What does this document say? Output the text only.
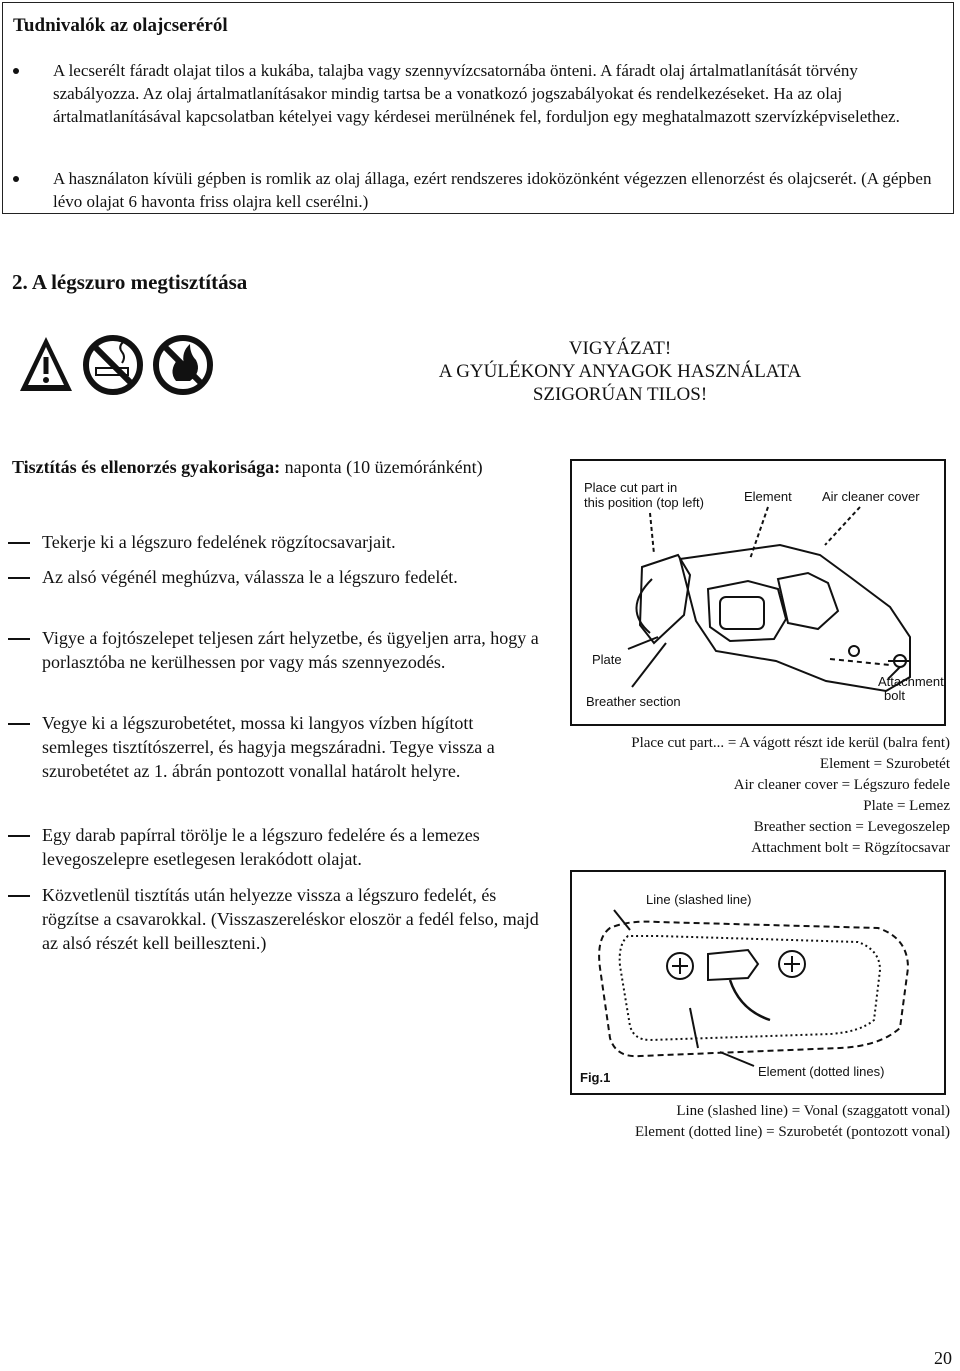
Tudnivalók az olajcseréról
A lecserélt fáradt olajat tilos a kukába, talajba vagy szennyvízcsatornába önteni. A fáradt olaj ártalmatlanítását törvény szabályozza. Az olaj ártalmatlanításakor mindig tartsa be a vonatkozó jogszabályokat és rendelkezéseket. Ha az olaj ártalmatlanításával kapcsolatban kételyei vagy kérdesei merülnének fel, forduljon egy meghatalmazott szervízképviselethez.
A használaton kívüli gépben is romlik az olaj állaga, ezért rendszeres idoközönként végezzen ellenorzést és olajcserét. (A gépben lévo olajat 6 havonta friss olajra kell cserélni.)
2. A légszuro megtisztítása
VIGYÁZAT!
A GYÚLÉKONY ANYAGOK HASZNÁLATA
SZIGORÚAN TILOS!
Tisztítás és ellenorzés gyakorisága: naponta (10 üzemóránként)
Tekerje ki a légszuro fedelének rögzítocsavarjait.
Az alsó végénél meghúzva, válassza le a légszuro fedelét.
Vigye a fojtószelepet teljesen zárt helyzetbe, és ügyeljen arra, hogy a porlasztóba ne kerülhessen por vagy más szennyezodés.
Vegye ki a légszurobetétet, mossa ki langyos vízben hígított semleges tisztítószerrel, és hagyja megszáradni. Tegye vissza a szurobetétet az 1. ábrán pontozott vonallal határolt helyre.
Egy darab papírral törölje le a légszuro fedelére és a lemezes levegoszelepre esetlegesen lerakódott olajat.
Közvetlenül tisztítás után helyezze vissza a légszuro fedelét, és rögzítse a csavarokkal. (Visszaszereléskor eloször a fedél felso, majd az alsó részét kell beilleszteni.)
Place cut part in
this position (top left)	Element Air cleaner cover
Plate
Attachment
bolt
Breather section
Place cut part... = A vágott részt ide kerül (balra fent)
Element = Szurobetét
Air cleaner cover = Légszuro fedele
Plate = Lemez
Breather section = Levegoszelep
Attachment bolt = Rögzítocsavar
Line (slashed line)
Fig.1	Element (dotted lines)
Line (slashed line) = Vonal (szaggatott vonal)
Element (dotted line) = Szurobetét (pontozott vonal)
20
